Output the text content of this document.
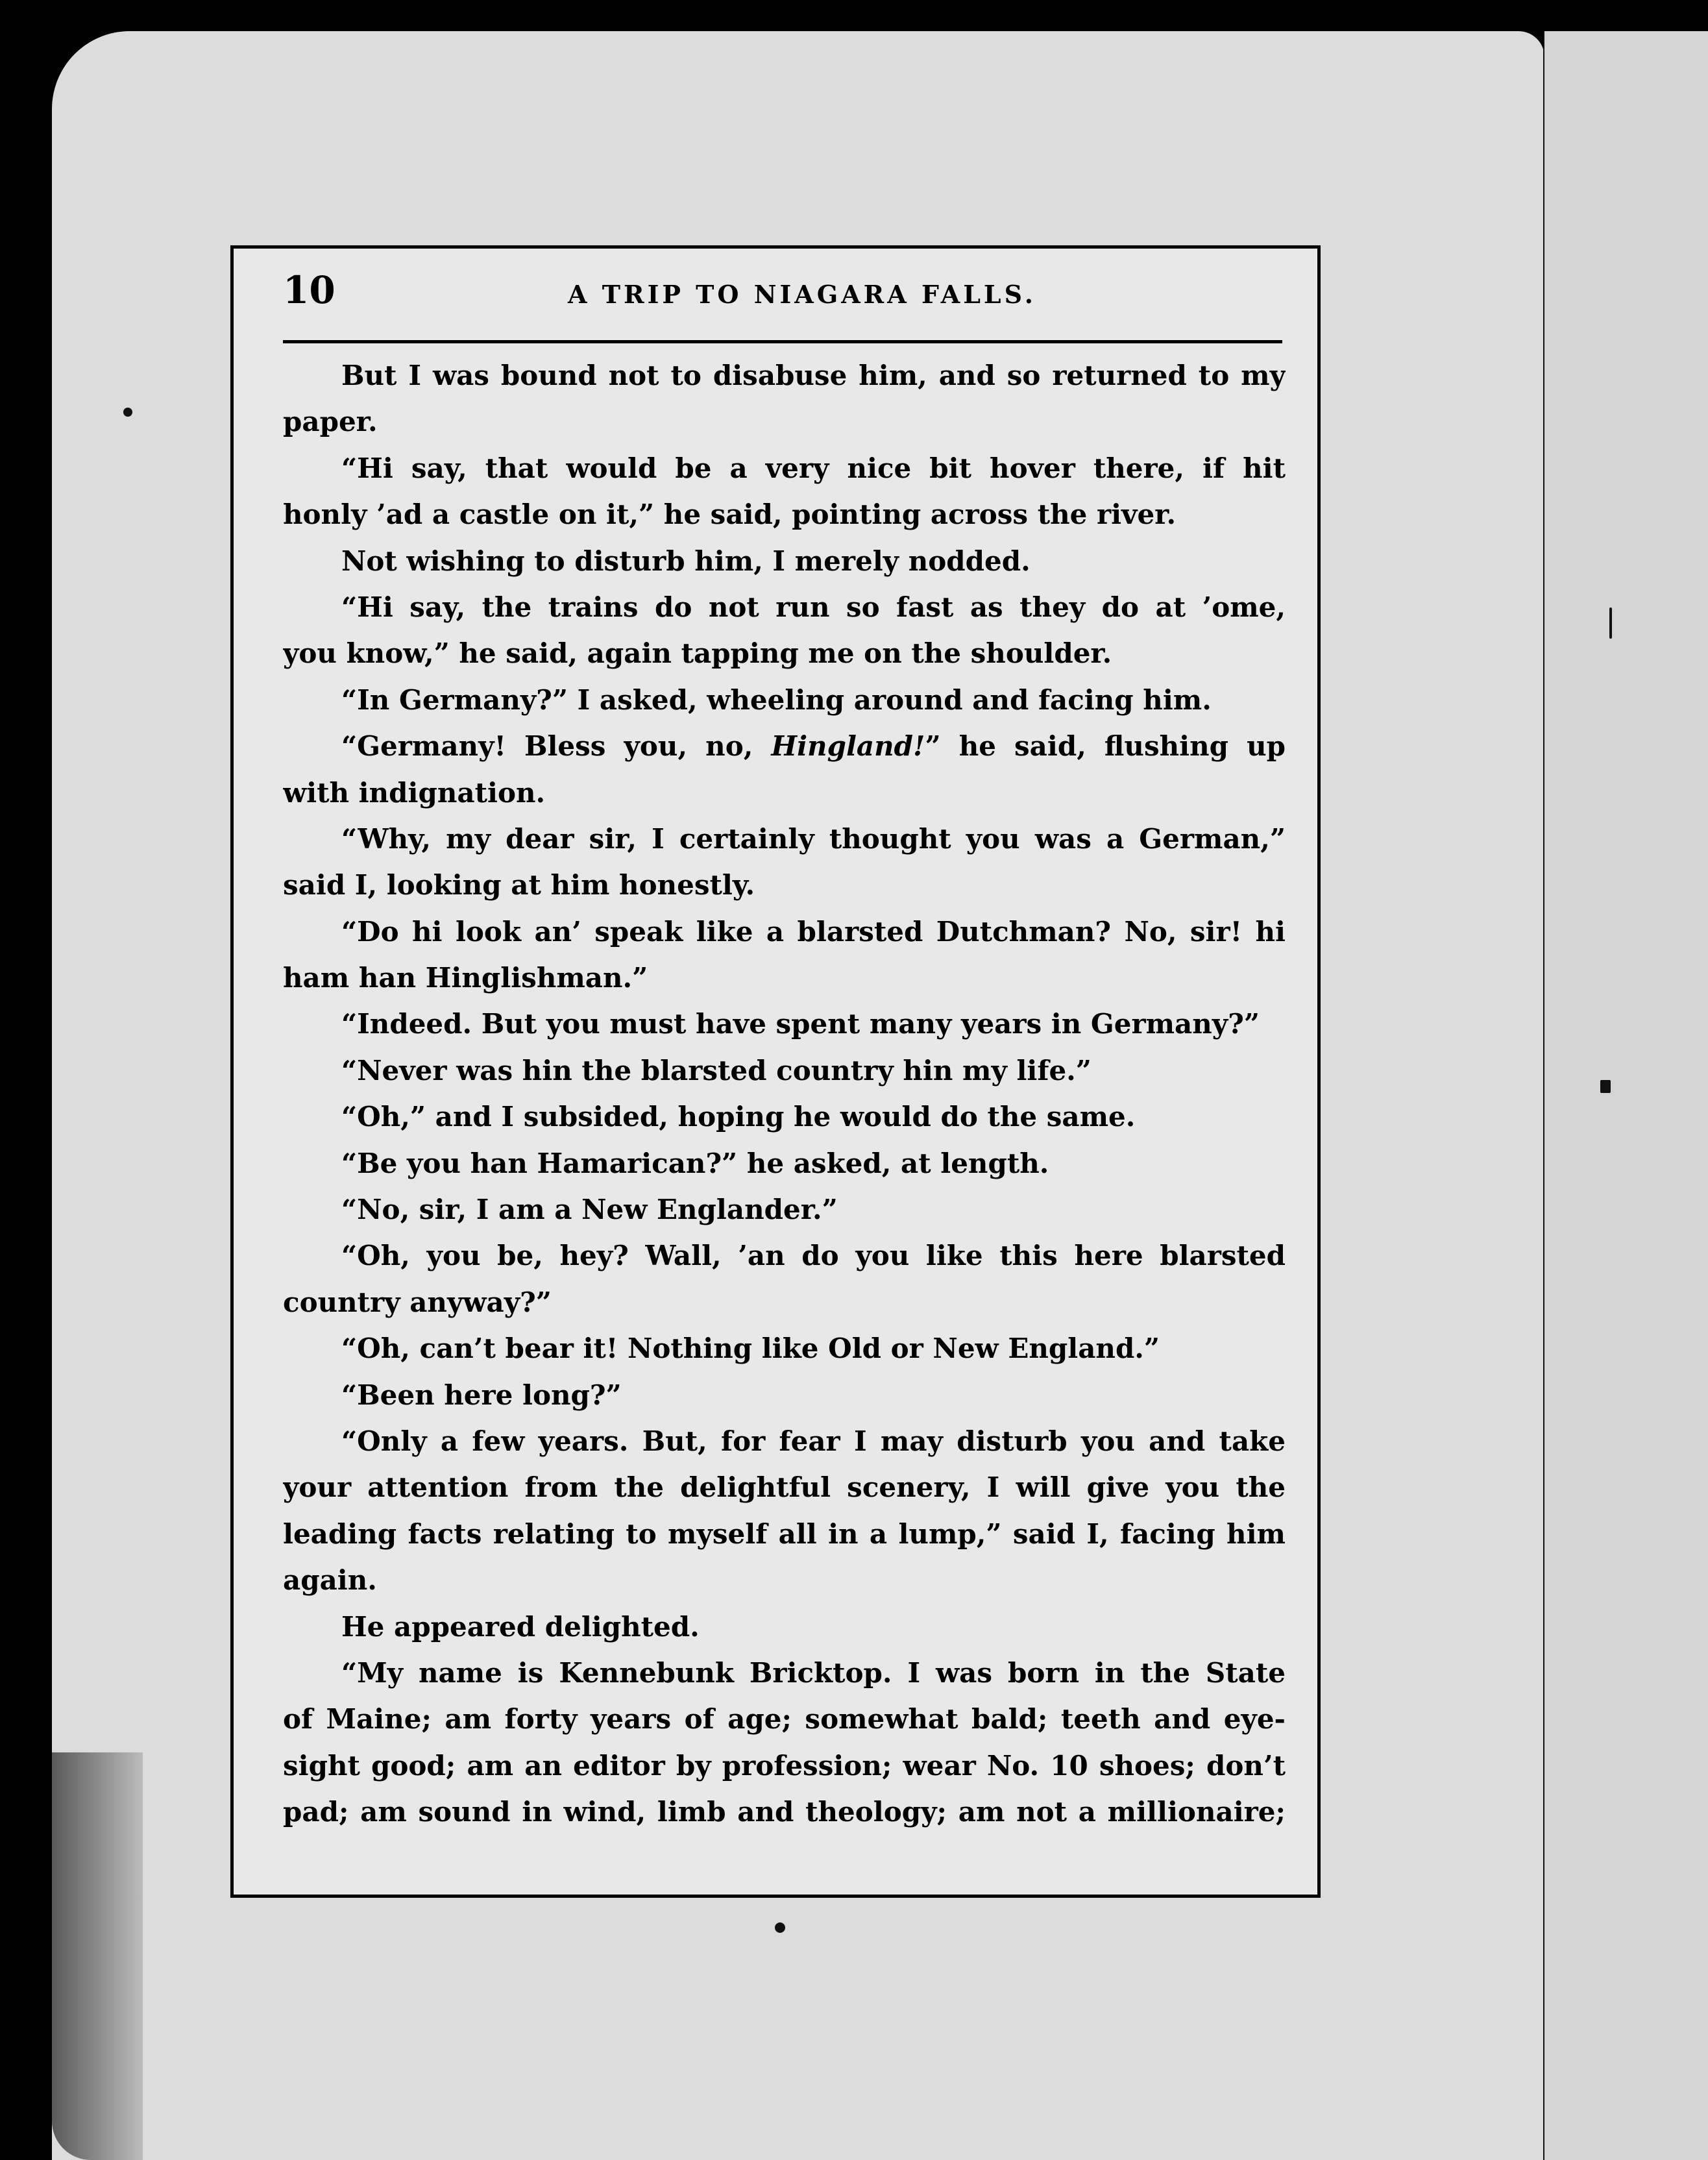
10	A TRIP TO NIAGARA FALLS.
But I was bound not to disabuse him, and so returned to my
paper.
“Hi say, that would be a very nice bit hover there, if hit
honly ’ad a castle on it,” he said, pointing across the river.
Not wishing to disturb him, I merely nodded.
“Hi say, the trains do not run so fast as they do at ’ome,
you know,” he said, again tapping me on the shoulder.
“In Germany?” I asked, wheeling around and facing him.
“Germany! Bless you, no, Hingland!” he said, flushing up
with indignation.
“Why, my dear sir, I certainly thought you was a German,”
said I, looking at him honestly.
“Do hi look an’ speak like a blarsted Dutchman? No, sir! hi
ham han Hinglishman.”
“Indeed. But you must have spent many years in Germany?”
“Never was hin the blarsted country hin my life.”
“Oh,” and I subsided, hoping he would do the same.
“Be you han Hamarican?” he asked, at length.
“No, sir, I am a New Englander.”
“Oh, you be, hey? Wall, ’an do you like this here blarsted
country anyway?”
“Oh, can’t bear it! Nothing like Old or New England.”
“Been here long?”
“Only a few years. But, for fear I may disturb you and take
your attention from the delightful scenery, I will give you the
leading facts relating to myself all in a lump,” said I, facing him
again.
He appeared delighted.
“My name is Kennebunk Bricktop. I was born in the State
of Maine; am forty years of age; somewhat bald; teeth and eye-
sight good; am an editor by profession; wear No. 10 shoes; don’t
pad; am sound in wind, limb and theology; am not a millionaire;
